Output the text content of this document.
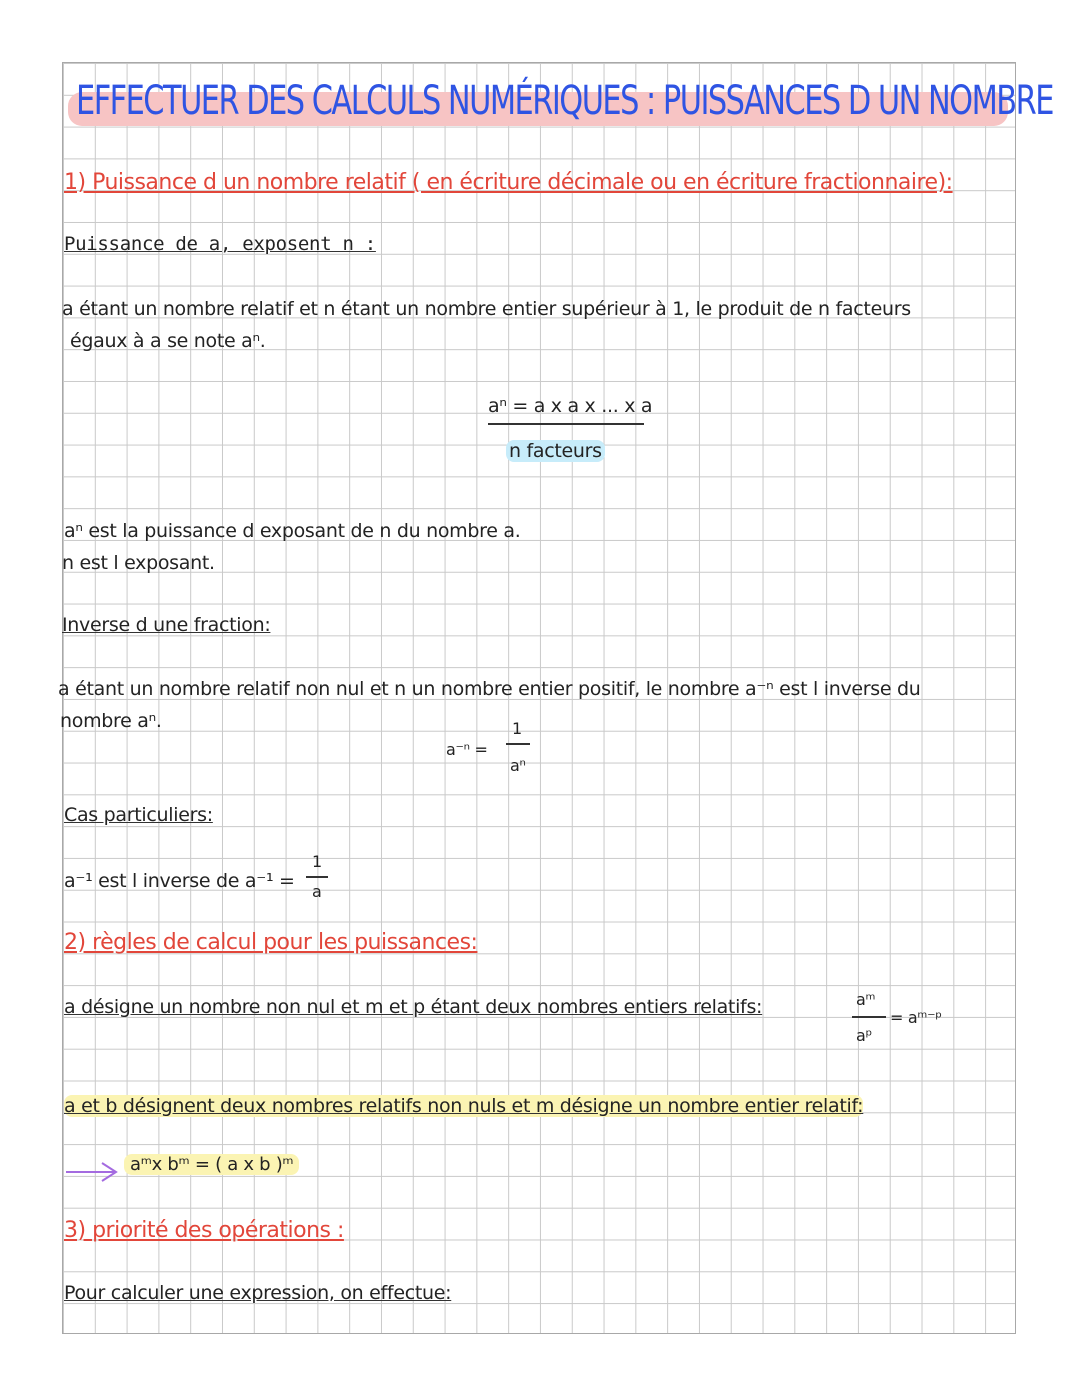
EFFECTUER DES CALCULS NUMÉRIQUES : PUISSANCES D UN NOMBRE
1) Puissance d un nombre relatif ( en écriture décimale ou en écriture fractionnaire):
Puissance de a, exposent n :
a étant un nombre relatif et n étant un nombre entier supérieur à 1, le produit de n facteurs
égaux à a se note aⁿ.
aⁿ = a x a x ... x a
n facteurs
aⁿ est la puissance d exposant de n du nombre a.
n est l exposant.
Inverse d une fraction:
a étant un nombre relatif non nul et n un nombre entier positif, le nombre a⁻ⁿ est l inverse du
nombre aⁿ.
a⁻ⁿ =
1
aⁿ
Cas particuliers:
a⁻¹ est l inverse de a⁻¹ =
1
a
2) règles de calcul pour les puissances:
a désigne un nombre non nul et m et p étant deux nombres entiers relatifs:	aᵐ
aᵖ
= aᵐ⁻ᵖ
a et b désignent deux nombres relatifs non nuls et m désigne un nombre entier relatif:
aᵐx bᵐ = ( a x b )ᵐ
3) priorité des opérations :
Pour calculer une expression, on effectue:
